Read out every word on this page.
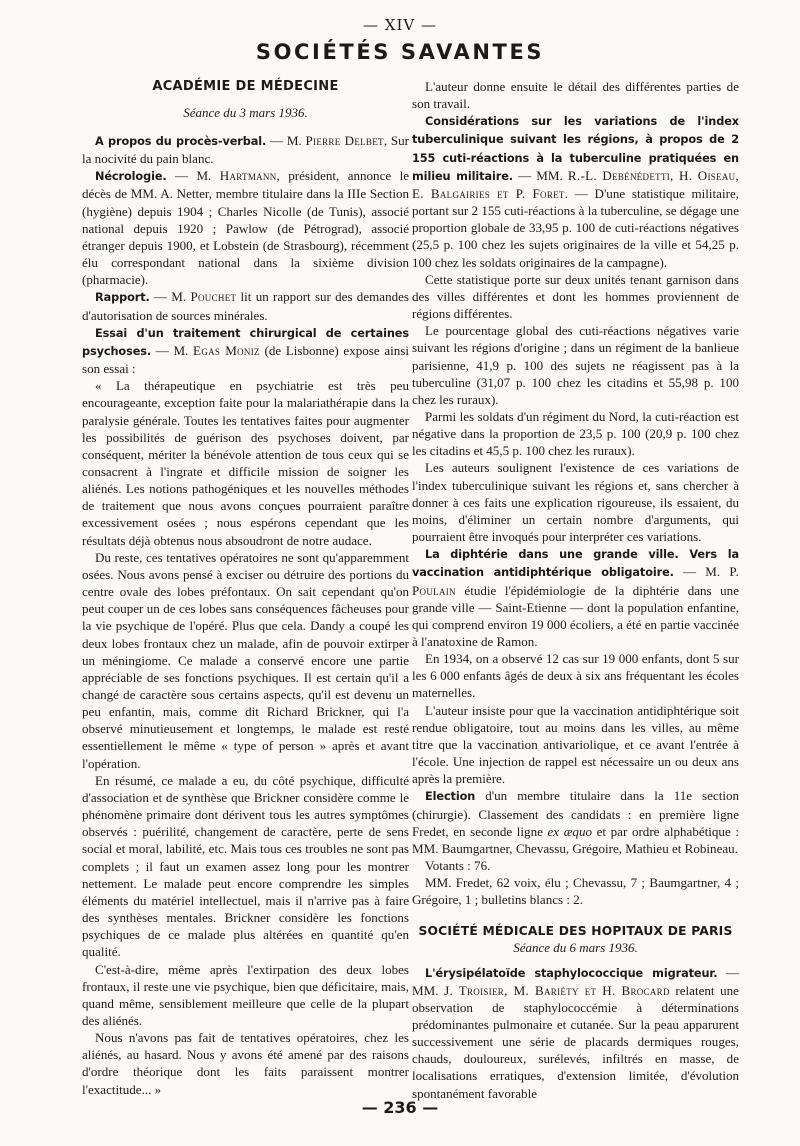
— XIV —
SOCIÉTÉS SAVANTES
ACADÉMIE DE MÉDECINE
Séance du 3 mars 1936.

A propos du procès-verbal. — M. Pierre Delbet, Sur la nocivité du pain blanc.

Nécrologie. — M. Hartmann, président, annonce le décès de MM. A. Netter, membre titulaire dans la IIIe Section (hygiène) depuis 1904 ; Charles Nicolle (de Tunis), associé national depuis 1920 ; Pawlow (de Pétrograd), associé étranger depuis 1900, et Lobstein (de Strasbourg), récemment élu correspondant national dans la sixième division (pharmacie).

Rapport. — M. Pouchet lit un rapport sur des demandes d'autorisation de sources minérales.

Essai d'un traitement chirurgical de certaines psychoses. — M. Egas Moniz (de Lisbonne) expose ainsi son essai :

« La thérapeutique en psychiatrie est très peu encourageante, exception faite pour la malariathérapie dans la paralysie générale. Toutes les tentatives faites pour augmenter les possibilités de guérison des psychoses doivent, par conséquent, mériter la bénévole attention de tous ceux qui se consacrent à l'ingrate et difficile mission de soigner les aliénés. Les notions pathogéniques et les nouvelles méthodes de traitement que nous avons conçues pourraient paraître excessivement osées ; nous espérons cependant que les résultats déjà obtenus nous absoudront de notre audace.

Du reste, ces tentatives opératoires ne sont qu'apparemment osées. Nous avons pensé à exciser ou détruire des portions du centre ovale des lobes préfontaux. On sait cependant qu'on peut couper un de ces lobes sans conséquences fâcheuses pour la vie psychique de l'opéré. Plus que cela. Dandy a coupé les deux lobes frontaux chez un malade, afin de pouvoir extirper un méningiome. Ce malade a conservé encore une partie appréciable de ses fonctions psychiques. Il est certain qu'il a changé de caractère sous certains aspects, qu'il est devenu un peu enfantin, mais, comme dit Richard Brickner, qui l'a observé minutieusement et longtemps, le malade est resté essentiellement le même « type of person » après et avant l'opération.

En résumé, ce malade a eu, du côté psychique, difficulté d'association et de synthèse que Brickner considère comme le phénomène primaire dont dérivent tous les autres symptômes observés : puérilité, changement de caractère, perte de sens social et moral, labilité, etc. Mais tous ces troubles ne sont pas complets ; il faut un examen assez long pour les montrer nettement. Le malade peut encore comprendre les simples éléments du matériel intellectuel, mais il n'arrive pas à faire des synthèses mentales. Brickner considère les fonctions psychiques de ce malade plus altérées en quantité qu'en qualité.

C'est-à-dire, même après l'extirpation des deux lobes frontaux, il reste une vie psychique, bien que déficitaire, mais, quand même, sensiblement meilleure que celle de la plupart des aliénés.

Nous n'avons pas fait de tentatives opératoires, chez les aliénés, au hasard. Nous y avons été amené par des raisons d'ordre théorique dont les faits paraissent montrer l'exactitude... »

L'auteur donne ensuite le détail des différentes parties de son travail.

Considérations sur les variations de l'index tuberculinique suivant les régions, à propos de 2 155 cuti-réactions à la tuberculine pratiquées en milieu militaire. — MM. R.-L. Debénédetti, H. Oiseau, E. Balgairies et P. Foret. — D'une statistique militaire, portant sur 2 155 cuti-réactions à la tuberculine, se dégage une proportion globale de 33,95 p. 100 de cuti-réactions négatives (25,5 p. 100 chez les sujets originaires de la ville et 54,25 p. 100 chez les soldats originaires de la campagne).

Cette statistique porte sur deux unités tenant garnison dans des villes différentes et dont les hommes proviennent de régions différentes.

Le pourcentage global des cuti-réactions négatives varie suivant les régions d'origine ; dans un régiment de la banlieue parisienne, 41,9 p. 100 des sujets ne réagissent pas à la tuberculine (31,07 p. 100 chez les citadins et 55,98 p. 100 chez les ruraux).

Parmi les soldats d'un régiment du Nord, la cuti-réaction est négative dans la proportion de 23,5 p. 100 (20,9 p. 100 chez les citadins et 45,5 p. 100 chez les ruraux).

Les auteurs soulignent l'existence de ces variations de l'index tuberculinique suivant les régions et, sans chercher à donner à ces faits une explication rigoureuse, ils essaient, du moins, d'éliminer un certain nombre d'arguments, qui pourraient être invoqués pour interpréter ces variations.

La diphtérie dans une grande ville. Vers la vaccination antidiphtérique obligatoire. — M. P. Poulain étudie l'épidémiologie de la diphtérie dans une grande ville — Saint-Etienne — dont la population enfantine, qui comprend environ 19 000 écoliers, a été en partie vaccinée à l'anatoxine de Ramon.

En 1934, on a observé 12 cas sur 19 000 enfants, dont 5 sur les 6 000 enfants âgés de deux à six ans fréquentant les écoles maternelles.

L'auteur insiste pour que la vaccination antidiphtérique soit rendue obligatoire, tout au moins dans les villes, au même titre que la vaccination antivariolique, et ce avant l'entrée à l'école. Une injection de rappel est nécessaire un ou deux ans après la première.

Election d'un membre titulaire dans la 11e section (chirurgie). Classement des candidats : en première ligne Fredet, en seconde ligne ex æquo et par ordre alphabétique : MM. Baumgartner, Chevassu, Grégoire, Mathieu et Robineau.

Votants : 76.

MM. Fredet, 62 voix, élu ; Chevassu, 7 ; Baumgartner, 4 ; Grégoire, 1 ; bulletins blancs : 2.

SOCIÉTÉ MÉDICALE DES HOPITAUX DE PARIS
Séance du 6 mars 1936.

L'érysipélatoïde staphylococcique migrateur. — MM. J. Troisier, M. Bariéty et H. Brocard relatent une observation de staphylococcémie à déterminations prédominantes pulmonaire et cutanée. Sur la peau apparurent successivement une série de placards dermiques rouges, chauds, douloureux, surélevés, infiltrés en masse, de localisations erratiques, d'extension limitée, d'évolution spontanément favorable

— 236 —
